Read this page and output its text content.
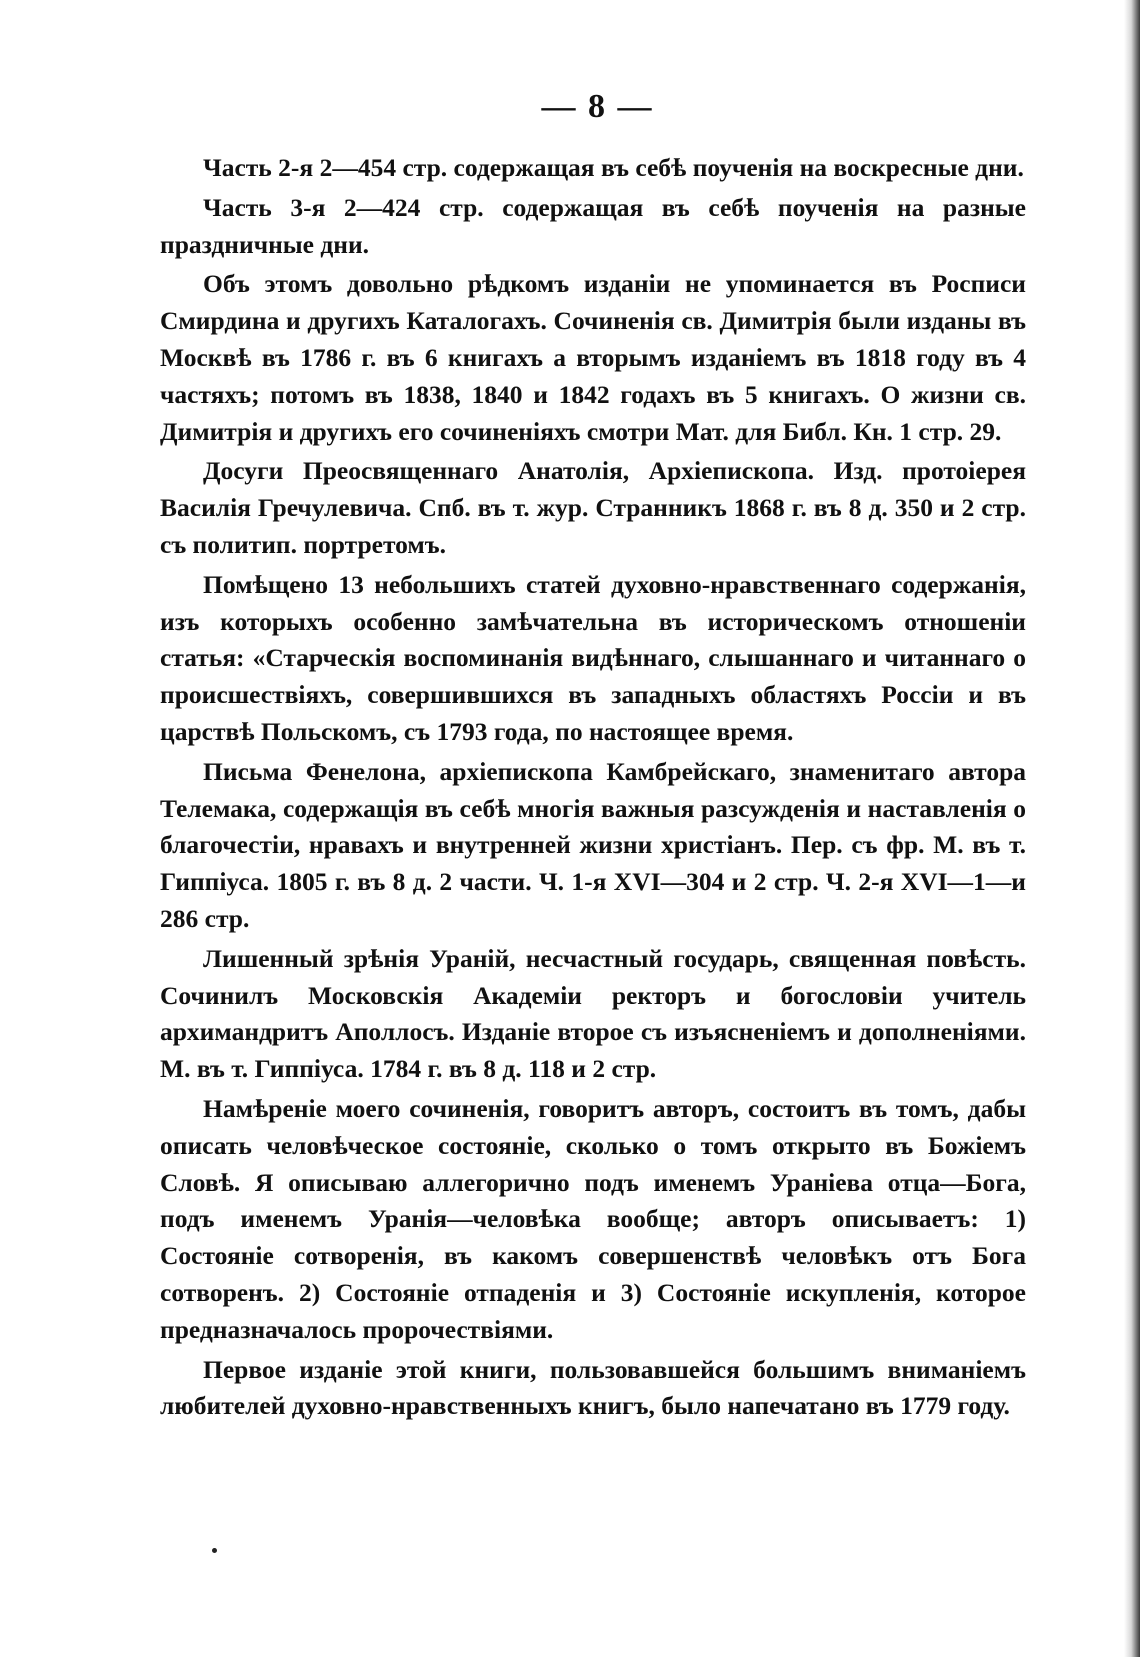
— 8 —

Часть 2-я 2—454 стр. содержащая въ себѣ поученія на воскресные дни.

Часть 3-я 2—424 стр. содержащая въ себѣ поученія на разные праздничные дни.

Объ этомъ довольно рѣдкомъ изданіи не упоминается въ Росписи Смирдина и другихъ Каталогахъ. Сочиненія св. Димитрія были изданы въ Москвѣ въ 1786 г. въ 6 книгахъ а вторымъ изданіемъ въ 1818 году въ 4 частяхъ; потомъ въ 1838, 1840 и 1842 годахъ въ 5 книгахъ. О жизни св. Димитрія и другихъ его сочиненіяхъ смотри Мат. для Библ. Кн. 1 стр. 29.

Досуги Преосвященнаго Анатолія, Архіепископа. Изд. протоіерея Василія Гречулевича. Спб. въ т. жур. Странникъ 1868 г. въ 8 д. 350 и 2 стр. съ политип. портретомъ.

Помѣщено 13 небольшихъ статей духовно-нравственнаго содержанія, изъ которыхъ особенно замѣчательна въ историческомъ отношеніи статья: «Старческія воспоминанія видѣннаго, слышаннаго и читаннаго о происшествіяхъ, совершившихся въ западныхъ областяхъ Россіи и въ царствѣ Польскомъ, съ 1793 года, по настоящее время.

Письма Фенелона, архіепископа Камбрейскаго, знаменитаго автора Телемака, содержащія въ себѣ многія важныя разсужденія и наставленія о благочестіи, нравахъ и внутренней жизни христіанъ. Пер. съ фр. М. въ т. Гиппіуса. 1805 г. въ 8 д. 2 части. Ч. 1-я XVI—304 и 2 стр. Ч. 2-я XVI—1—и 286 стр.

Лишенный зрѣнія Ураній, несчастный государь, священная повѣсть. Сочинилъ Московскія Академіи ректоръ и богословіи учитель архимандритъ Аполлосъ. Изданіе второе съ изъясненіемъ и дополненіями. М. въ т. Гиппіуса. 1784 г. въ 8 д. 118 и 2 стр.

Намѣреніе моего сочиненія, говоритъ авторъ, состоитъ въ томъ, дабы описать человѣческое состояніе, сколько о томъ открыто въ Божіемъ Словѣ. Я описываю аллегорично подъ именемъ Ураніева отца—Бога, подъ именемъ Уранія—человѣка вообще; авторъ описываетъ: 1) Состояніе сотворенія, въ какомъ совершенствѣ человѣкъ отъ Бога сотворенъ. 2) Состояніе отпаденія и 3) Состояніе искупленія, которое предназначалось пророчествіями.

Первое изданіе этой книги, пользовавшейся большимъ вниманіемъ любителей духовно-нравственныхъ книгъ, было напечатано въ 1779 году.
